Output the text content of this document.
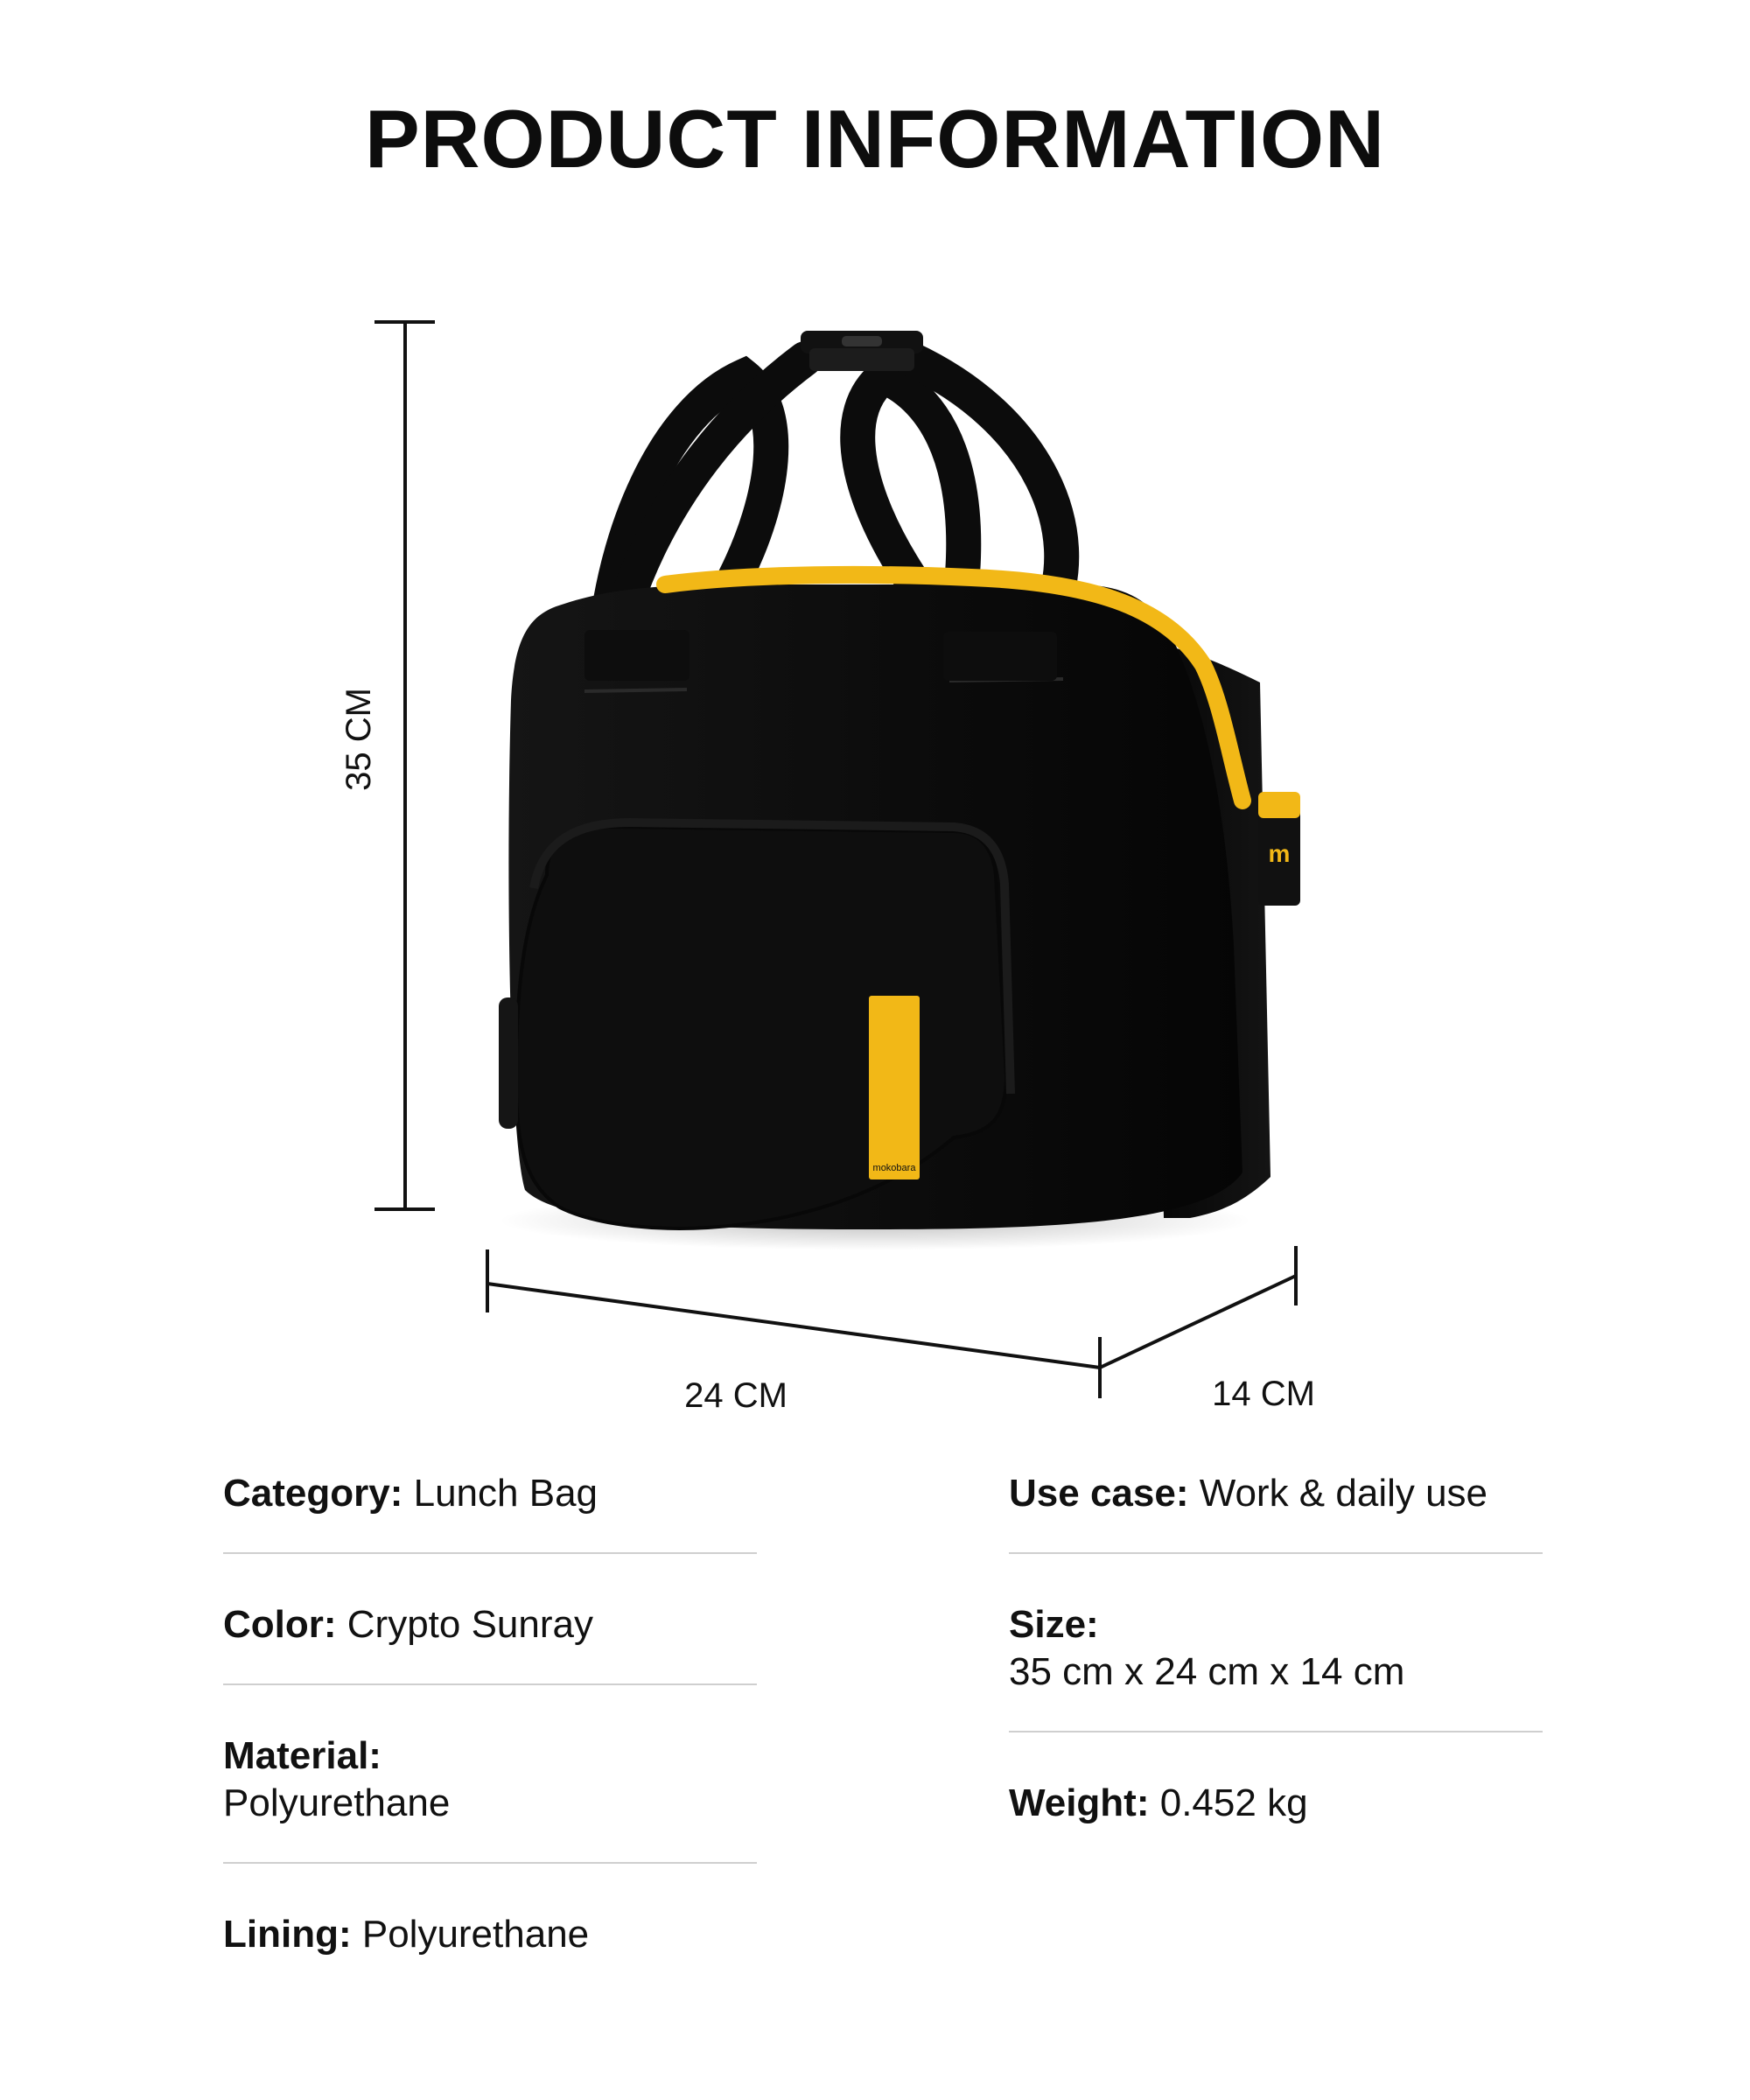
PRODUCT INFORMATION
mokobara
m
35 CM
24 CM	14 CM
Category: Lunch Bag
Color: Crypto Sunray
Material:
Polyurethane
Lining: Polyurethane
Use case: Work & daily use
Size:
35 cm x 24 cm x 14 cm
Weight: 0.452 kg
